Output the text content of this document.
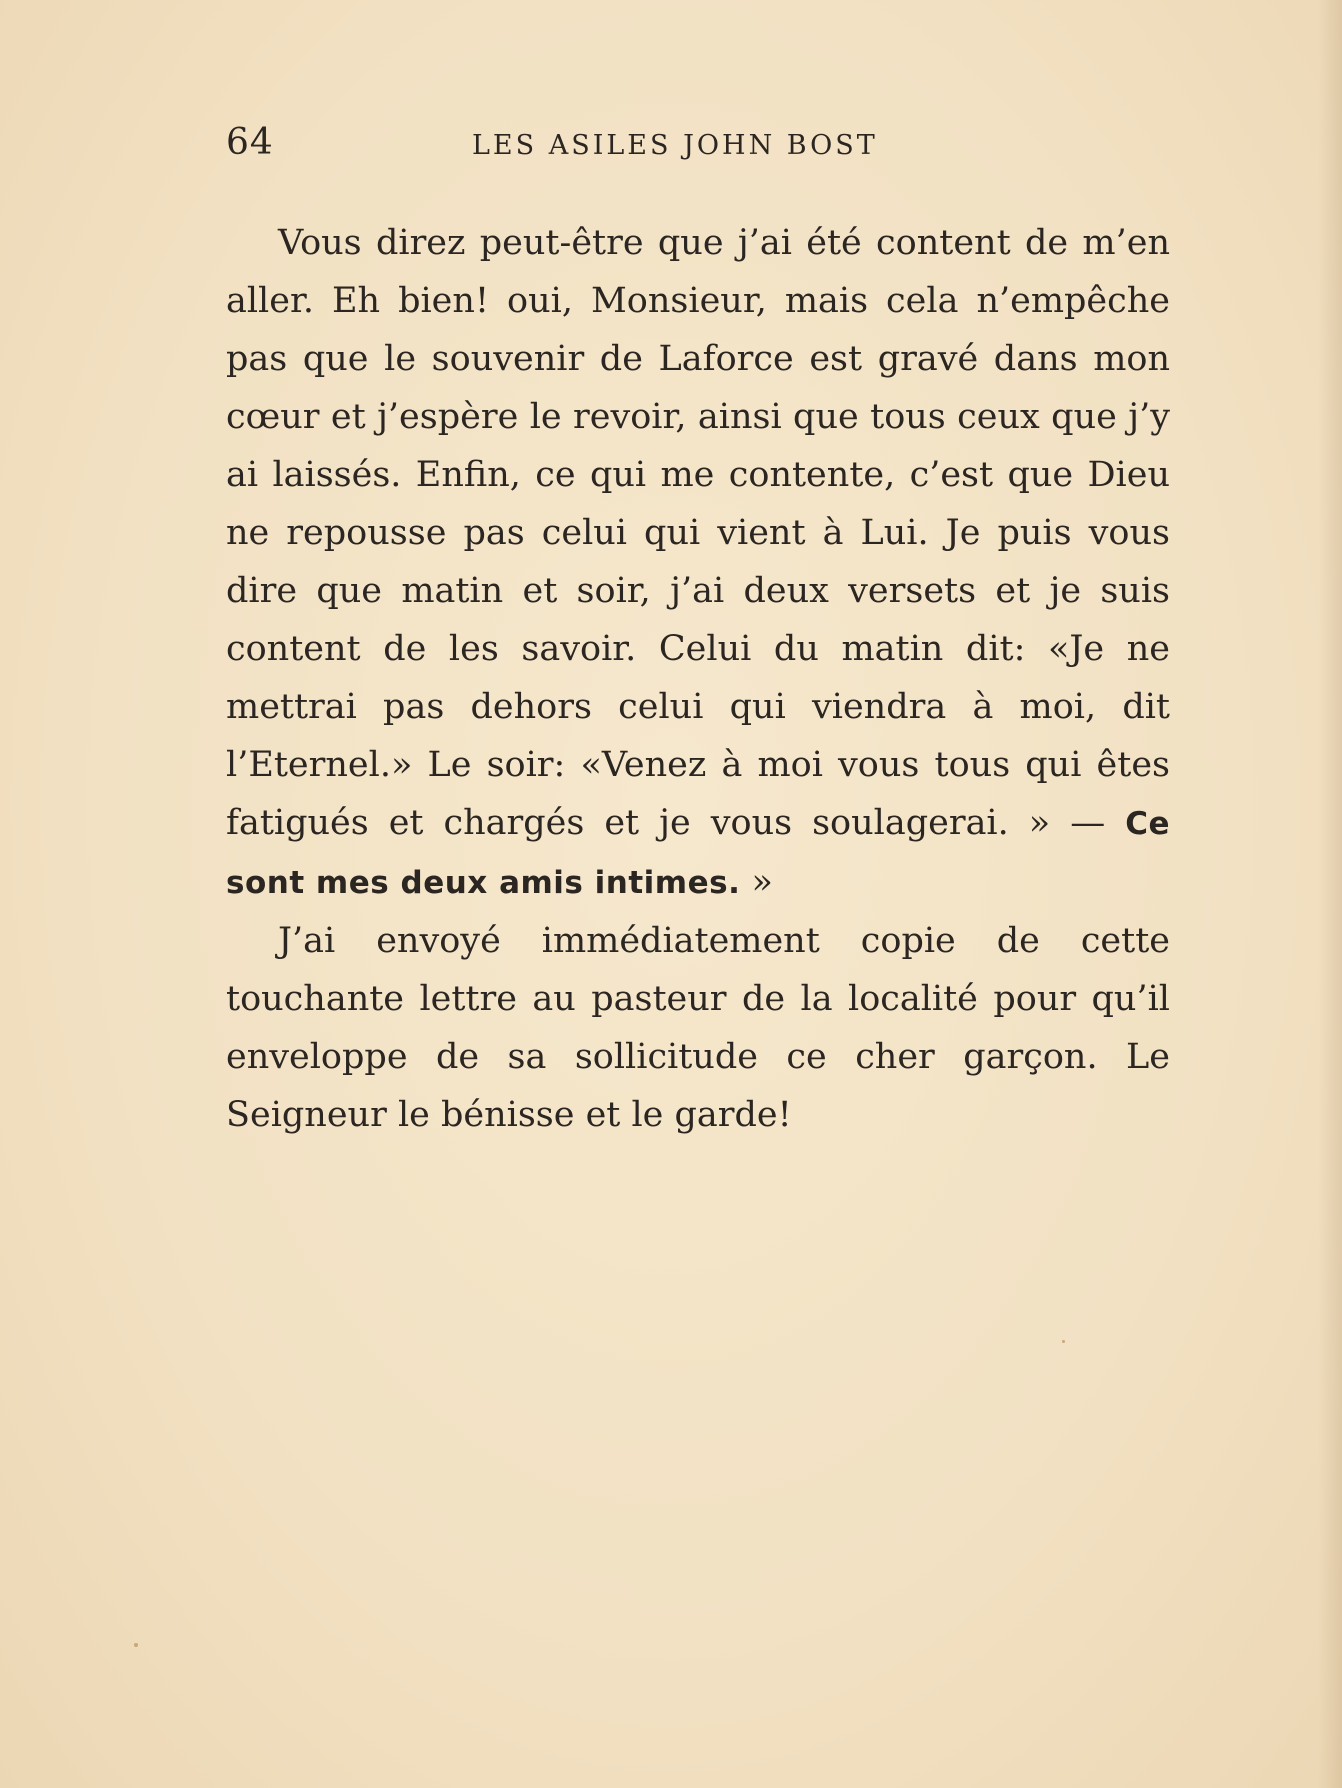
64	LES ASILES JOHN BOST

Vous direz peut-être que j’ai été content de m’en aller. Eh bien! oui, Monsieur, mais cela n’empêche pas que le souvenir de Laforce est gravé dans mon cœur et j’espère le revoir, ainsi que tous ceux que j’y ai laissés. Enfin, ce qui me contente, c’est que Dieu ne repousse pas celui qui vient à Lui. Je puis vous dire que matin et soir, j’ai deux versets et je suis content de les savoir. Celui du matin dit: «Je ne mettrai pas dehors celui qui viendra à moi, dit l’Eternel.» Le soir: «Venez à moi vous tous qui êtes fatigués et chargés et je vous soulagerai. » — Ce sont mes deux amis intimes. »

J’ai envoyé immédiatement copie de cette touchante lettre au pasteur de la localité pour qu’il enveloppe de sa sollicitude ce cher garçon. Le Seigneur le bénisse et le garde!
